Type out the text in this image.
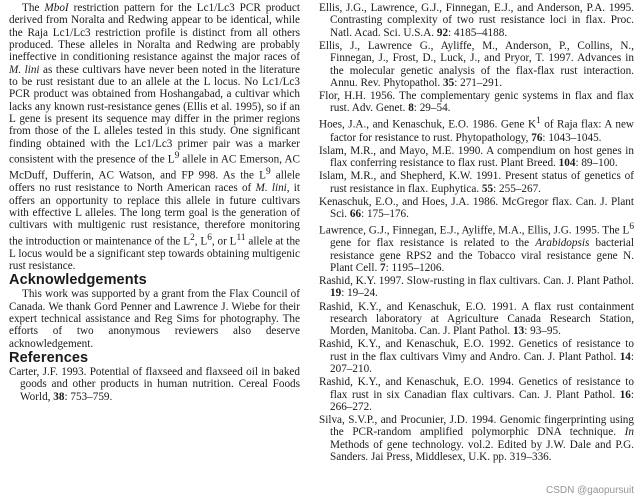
The MboI restriction pattern for the Lc1/Lc3 PCR product derived from Noralta and Redwing appear to be identical, while the Raja Lc1/Lc3 restriction profile is distinct from all others produced. These alleles in Noralta and Redwing are probably ineffective in conditioning resistance against the major races of M. lini as these cultivars have never been noted in the literature to be rust resistant due to an allele at the L locus. No Lc1/Lc3 PCR product was obtained from Hoshangabad, a cultivar which lacks any known rust-resistance genes (Ellis et al. 1995), so if an L gene is present its sequence may differ in the primer regions from those of the L alleles tested in this study. One significant finding obtained with the Lc1/Lc3 primer pair was a marker consistent with the presence of the $L^9$ allele in AC Emerson, AC McDuff, Dufferin, AC Watson, and FP 998. As the $L^9$ allele offers no rust resistance to North American races of M. lini, it offers an opportunity to replace this allele in future cultivars with effective L alleles. The long term goal is the generation of cultivars with multigenic rust resistance, therefore monitoring the introduction or maintenance of the $L^2$, $L^6$, or $L^{11}$ allele at the L locus would be a significant step towards obtaining multigenic rust resistance.

Acknowledgements

This work was supported by a grant from the Flax Council of Canada. We thank Gord Penner and Lawrence J. Wiebe for their expert technical assistance and Reg Sims for photography. The efforts of two anonymous reviewers also deserve acknowledgement.

References

Carter, J.F. 1993. Potential of flaxseed and flaxseed oil in baked goods and other products in human nutrition. Cereal Foods World, 38: 753–759.

Ellis, J.G., Lawrence, G.J., Finnegan, E.J., and Anderson, P.A. 1995. Contrasting complexity of two rust resistance loci in flax. Proc. Natl. Acad. Sci. U.S.A. 92: 4185–4188.

Ellis, J., Lawrence G., Ayliffe, M., Anderson, P., Collins, N., Finnegan, J., Frost, D., Luck, J., and Pryor, T. 1997. Advances in the molecular genetic analysis of the flax-flax rust interaction. Annu. Rev. Phytopathol. 35: 271–291.

Flor, H.H. 1956. The complementary genic systems in flax and flax rust. Adv. Genet. 8: 29–54.

Hoes, J.A., and Kenaschuk, E.O. 1986. Gene $K^1$ of Raja flax: A new factor for resistance to rust. Phytopathology, 76: 1043–1045.

Islam, M.R., and Mayo, M.E. 1990. A compendium on host genes in flax conferring resistance to flax rust. Plant Breed. 104: 89–100.

Islam, M.R., and Shepherd, K.W. 1991. Present status of genetics of rust resistance in flax. Euphytica. 55: 255–267.

Kenaschuk, E.O., and Hoes, J.A. 1986. McGregor flax. Can. J. Plant Sci. 66: 175–176.

Lawrence, G.J., Finnegan, E.J., Ayliffe, M.A., Ellis, J.G. 1995. The $L^6$ gene for flax resistance is related to the Arabidopsis bacterial resistance gene RPS2 and the Tobacco viral resistance gene N. Plant Cell. 7: 1195–1206.

Rashid, K.Y. 1997. Slow-rusting in flax cultivars. Can. J. Plant Pathol. 19: 19–24.

Rashid, K.Y., and Kenaschuk, E.O. 1991. A flax rust containment research laboratory at Agriculture Canada Research Station, Morden, Manitoba. Can. J. Plant Pathol. 13: 93–95.

Rashid, K.Y., and Kenaschuk, E.O. 1992. Genetics of resistance to rust in the flax cultivars Vimy and Andro. Can. J. Plant Pathol. 14: 207–210.

Rashid, K.Y., and Kenaschuk, E.O. 1994. Genetics of resistance to flax rust in six Canadian flax cultivars. Can. J. Plant Pathol. 16: 266–272.

Silva, S.V.P., and Procunier, J.D. 1994. Genomic fingerprinting using the PCR-random amplified polymorphic DNA technique. In Methods of gene technology. vol.2. Edited by J.W. Dale and P.G. Sanders. Jai Press, Middlesex, U.K. pp. 319–336.

CSDN @gaopursuit
